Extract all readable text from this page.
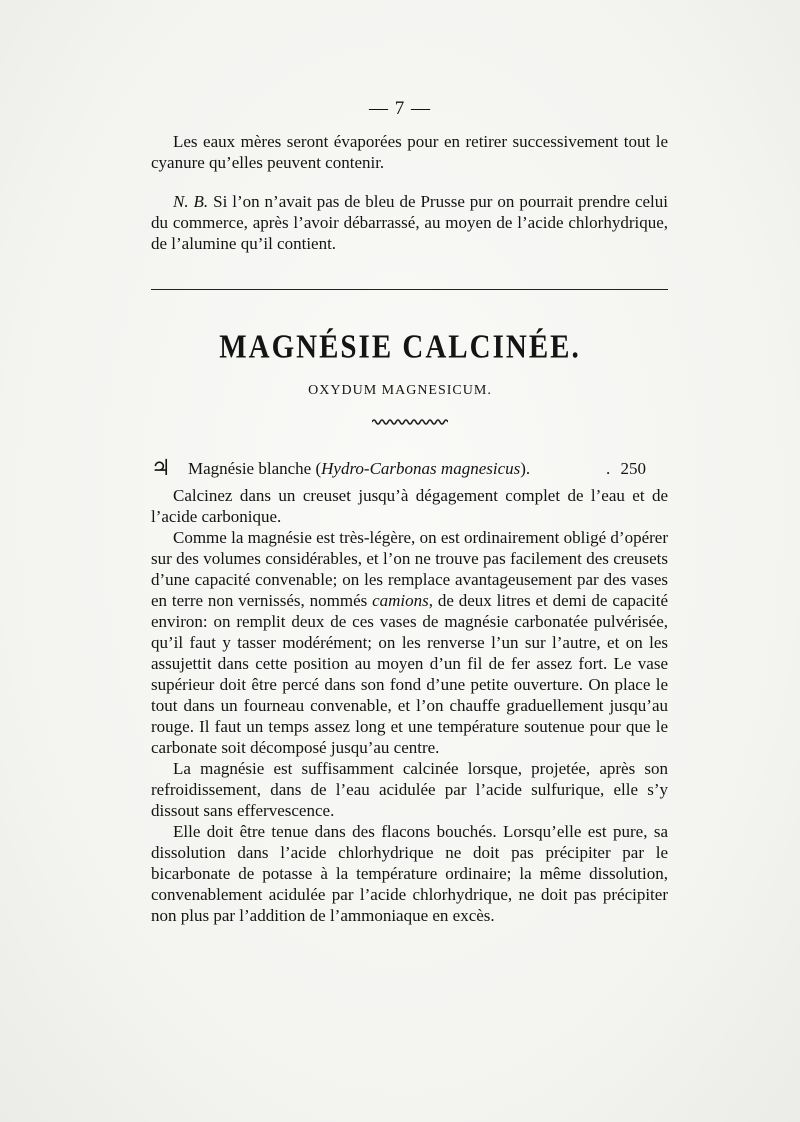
— 7 —

Les eaux mères seront évaporées pour en retirer successivement tout le cyanure qu’elles peuvent contenir.

N. B. Si l’on n’avait pas de bleu de Prusse pur on pourrait prendre celui du commerce, après l’avoir débarrassé, au moyen de l’acide chlorhydrique, de l’alumine qu’il contient.

MAGNÉSIE CALCINÉE.
OXYDUM MAGNESICUM.
♃ Magnésie blanche (Hydro-Carbonas magnesicus).	. 250

Calcinez dans un creuset jusqu’à dégagement complet de l’eau et de l’acide carbonique.

Comme la magnésie est très-légère, on est ordinairement obligé d’opérer sur des volumes considérables, et l’on ne trouve pas facilement des creusets d’une capacité convenable; on les remplace avantageusement par des vases en terre non vernissés, nommés camions, de deux litres et demi de capacité environ: on remplit deux de ces vases de magnésie carbonatée pulvérisée, qu’il faut y tasser modérément; on les renverse l’un sur l’autre, et on les assujettit dans cette position au moyen d’un fil de fer assez fort. Le vase supérieur doit être percé dans son fond d’une petite ouverture. On place le tout dans un fourneau convenable, et l’on chauffe graduellement jusqu’au rouge. Il faut un temps assez long et une température soutenue pour que le carbonate soit décomposé jusqu’au centre.

La magnésie est suffisamment calcinée lorsque, projetée, après son refroidissement, dans de l’eau acidulée par l’acide sulfurique, elle s’y dissout sans effervescence.

Elle doit être tenue dans des flacons bouchés. Lorsqu’elle est pure, sa dissolution dans l’acide chlorhydrique ne doit pas précipiter par le bicarbonate de potasse à la température ordinaire; la même dissolution, convenablement acidulée par l’acide chlorhydrique, ne doit pas précipiter non plus par l’addition de l’ammoniaque en excès.
